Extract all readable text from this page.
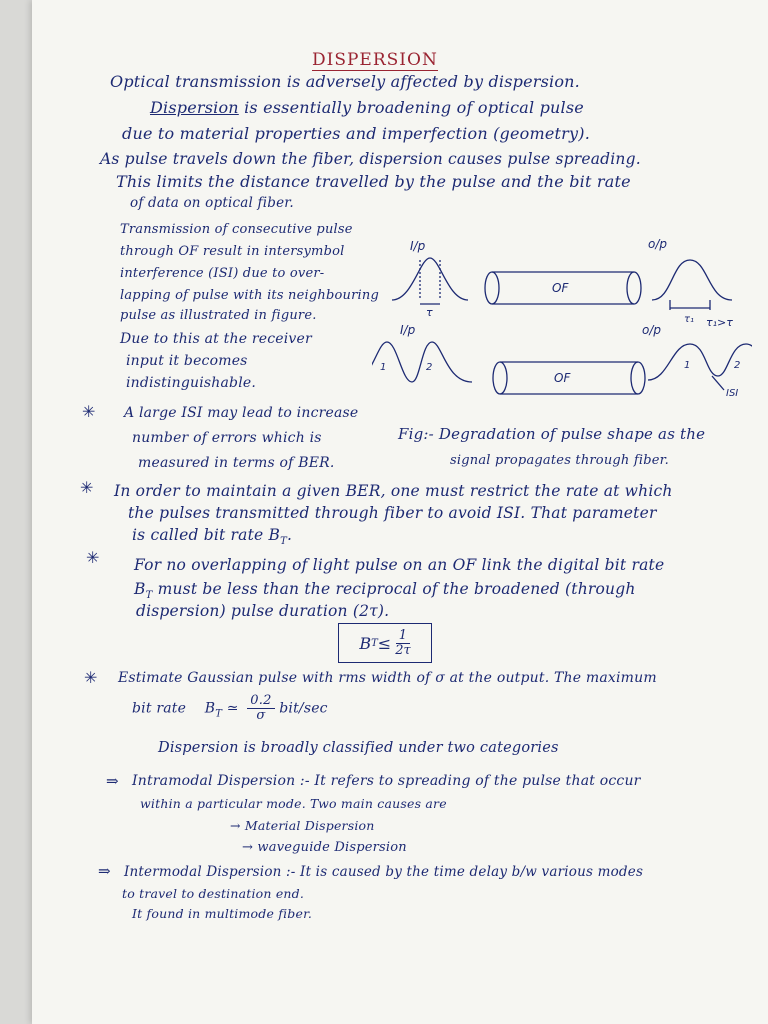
DISPERSION
Optical transmission is adversely affected by dispersion.
Dispersion is essentially broadening of optical pulse
due to material properties and imperfection (geometry).
As pulse travels down the fiber, dispersion causes pulse spreading.
This limits the distance travelled by the pulse and the bit rate
of data on optical fiber.
Transmission of consecutive pulse
through OF result in intersymbol
interference (ISI) due to over-
lapping of pulse with its neighbouring
pulse as illustrated in figure.
Due to this at the receiver
input it becomes
indistinguishable.
I/p	o/p
τ
OF
τ₁ τ₁>τ
I/p	o/p
1	2
OF
1	2
ISI
✳ A large ISI may lead to increase
number of errors which is
measured in terms of BER.
Fig:- Degradation of pulse shape as the
signal propagates through fiber.
✳ In order to maintain a given BER, one must restrict the rate at which
the pulses transmitted through fiber to avoid ISI. That parameter
is called bit rate $B_T$.
✳ For no overlapping of light pulse on an OF link the digital bit rate
$B_T$ must be less than the reciprocal of the broadened (through
dispersion) pulse duration (2τ).
B $T \le \frac{1}{2\tau}$
✳ Estimate Gaussian pulse with rms width of σ at the output. The maximum
bit rate $B_T$ ≃ $\frac{0.2}{\sigma} bit/\sec$
Dispersion is broadly classified under two categories
⇒ Intramodal Dispersion :- It refers to spreading of the pulse that occur
within a particular mode. Two main causes are
→ Material Dispersion
→ waveguide Dispersion
⇒ Intermodal Dispersion :- It is caused by the time delay b/w various modes
to travel to destination end.
It found in multimode fiber.
